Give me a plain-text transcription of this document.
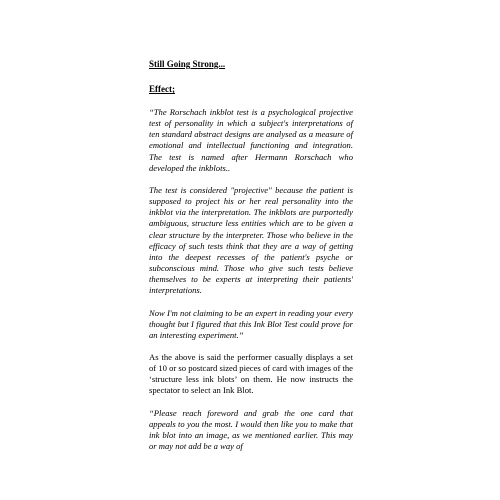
Still Going Strong...

Effect;

“The Rorschach inkblot test is a psychological projective test of personality in which a subject's interpretations of ten standard abstract designs are analysed as a measure of emotional and intellectual functioning and integration. The test is named after Hermann Rorschach who developed the inkblots..

The test is considered "projective" because the patient is supposed to project his or her real personality into the inkblot via the interpretation. The inkblots are purportedly ambiguous, structure less entities which are to be given a clear structure by the interpreter. Those who believe in the efficacy of such tests think that they are a way of getting into the deepest recesses of the patient's psyche or subconscious mind. Those who give such tests believe themselves to be experts at interpreting their patients' interpretations.

Now I'm not claiming to be an expert in reading your every thought but I figured that this Ink Blot Test could prove for an interesting experiment.”

As the above is said the performer casually displays a set of 10 or so postcard sized pieces of card with images of the ‘structure less ink blots’ on them. He now instructs the spectator to select an Ink Blot.

“Please reach foreword and grab the one card that appeals to you the most. I would then like you to make that ink blot into an image, as we mentioned earlier. This may or may not add be a way of
